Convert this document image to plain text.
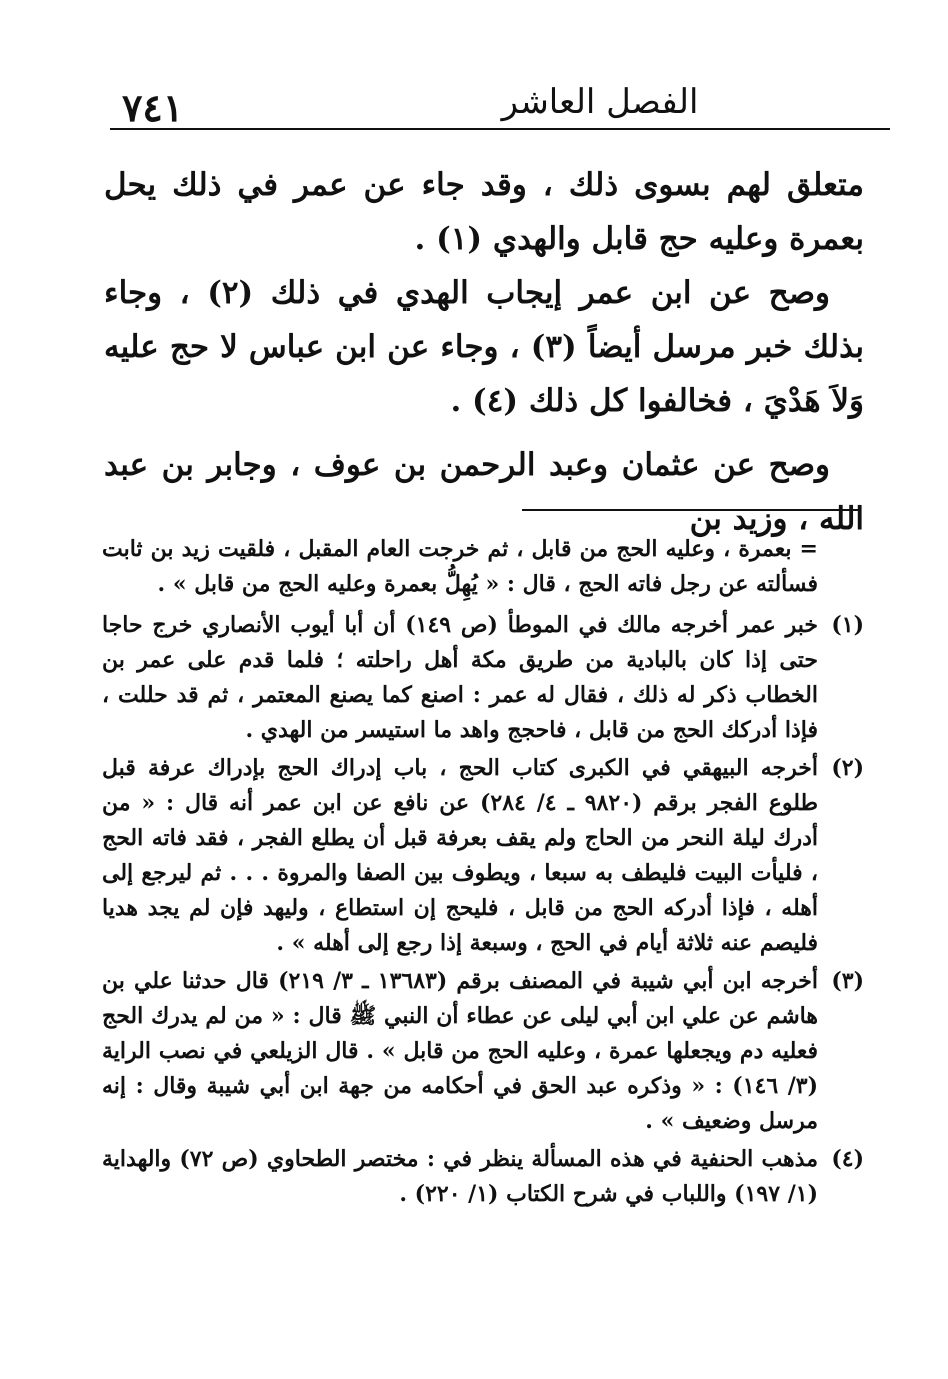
٧٤١	الفصل العاشر

متعلق لهم بسوى ذلك ، وقد جاء عن عمر في ذلك يحل بعمرة وعليه حج قابل والهدي (١) .

وصح عن ابن عمر إيجاب الهدي في ذلك (٢) ، وجاء بذلك خبر مرسل أيضاً (٣) ، وجاء عن ابن عباس لا حج عليه وَلاَ هَدْيَ ، فخالفوا كل ذلك (٤) .

وصح عن عثمان وعبد الرحمن بن عوف ، وجابر بن عبد الله ، وزيد بن

= بعمرة ، وعليه الحج من قابل ، ثم خرجت العام المقبل ، فلقيت زيد بن ثابت فسألته عن رجل فاته الحج ، قال : « يُهِلُّ بعمرة وعليه الحج من قابل » .
(١)
خبر عمر أخرجه مالك في الموطأ (ص ١٤٩) أن أبا أيوب الأنصاري خرج حاجا حتى إذا كان بالبادية من طريق مكة أهل راحلته ؛ فلما قدم على عمر بن الخطاب ذكر له ذلك ، فقال له عمر : اصنع كما يصنع المعتمر ، ثم قد حللت ، فإذا أدركك الحج من قابل ، فاحجج واهد ما استيسر من الهدي .
(٢)
أخرجه البيهقي في الكبرى كتاب الحج ، باب إدراك الحج بإدراك عرفة قبل طلوع الفجر برقم (٩٨٢٠ ـ ٤/ ٢٨٤) عن نافع عن ابن عمر أنه قال : « من أدرك ليلة النحر من الحاج ولم يقف بعرفة قبل أن يطلع الفجر ، فقد فاته الحج ، فليأت البيت فليطف به سبعا ، ويطوف بين الصفا والمروة . . . ثم ليرجع إلى أهله ، فإذا أدركه الحج من قابل ، فليحج إن استطاع ، وليهد فإن لم يجد هديا فليصم عنه ثلاثة أيام في الحج ، وسبعة إذا رجع إلى أهله » .
(٣)
أخرجه ابن أبي شيبة في المصنف برقم (١٣٦٨٣ ـ ٣/ ٢١٩) قال حدثنا علي بن هاشم عن علي ابن أبي ليلى عن عطاء أن النبي ﷺ قال : « من لم يدرك الحج فعليه دم ويجعلها عمرة ، وعليه الحج من قابل » . قال الزيلعي في نصب الراية (٣/ ١٤٦) : « وذكره عبد الحق في أحكامه من جهة ابن أبي شيبة وقال : إنه مرسل وضعيف » .
(٤)
مذهب الحنفية في هذه المسألة ينظر في : مختصر الطحاوي (ص ٧٢) والهداية (١/ ١٩٧) واللباب في شرح الكتاب (١/ ٢٢٠) .
